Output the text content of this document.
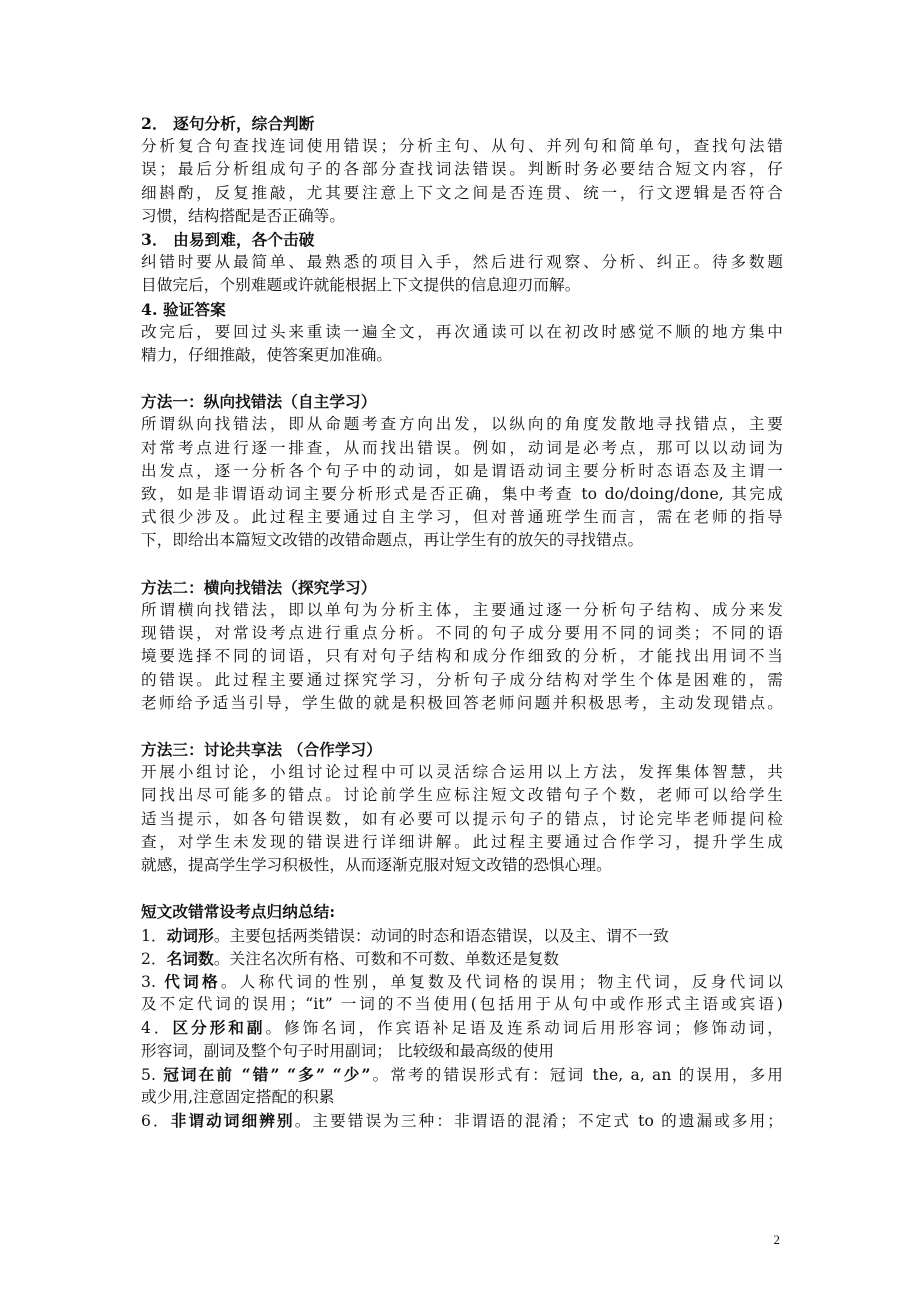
2． 逐句分析，综合判断
分析复合句查找连词使用错误；分析主句、从句、并列句和简单句，查找句法错
误；最后分析组成句子的各部分查找词法错误。判断时务必要结合短文内容，仔
细斟酌，反复推敲，尤其要注意上下文之间是否连贯、统一，行文逻辑是否符合
习惯，结构搭配是否正确等。
3． 由易到难，各个击破
纠错时要从最简单、最熟悉的项目入手，然后进行观察、分析、纠正。待多数题
目做完后，个别难题或许就能根据上下文提供的信息迎刃而解。
4. 验证答案
改完后，要回过头来重读一遍全文，再次通读可以在初改时感觉不顺的地方集中
精力，仔细推敲，使答案更加准确。
方法一：纵向找错法（自主学习）
所谓纵向找错法，即从命题考查方向出发，以纵向的角度发散地寻找错点，主要
对常考点进行逐一排查，从而找出错误。例如，动词是必考点，那可以以动词为
出发点，逐一分析各个句子中的动词，如是谓语动词主要分析时态语态及主谓一
致，如是非谓语动词主要分析形式是否正确，集中考查 to do/doing/done, 其完成
式很少涉及。此过程主要通过自主学习，但对普通班学生而言，需在老师的指导
下，即给出本篇短文改错的改错命题点，再让学生有的放矢的寻找错点。
方法二：横向找错法（探究学习）
所谓横向找错法，即以单句为分析主体，主要通过逐一分析句子结构、成分来发
现错误，对常设考点进行重点分析。不同的句子成分要用不同的词类；不同的语
境要选择不同的词语，只有对句子结构和成分作细致的分析，才能找出用词不当
的错误。此过程主要通过探究学习，分析句子成分结构对学生个体是困难的，需
老师给予适当引导，学生做的就是积极回答老师问题并积极思考，主动发现错点。
方法三：讨论共享法 （合作学习）
开展小组讨论，小组讨论过程中可以灵活综合运用以上方法，发挥集体智慧，共
同找出尽可能多的错点。讨论前学生应标注短文改错句子个数，老师可以给学生
适当提示，如各句错误数，如有必要可以提示句子的错点，讨论完毕老师提问检
查，对学生未发现的错误进行详细讲解。此过程主要通过合作学习，提升学生成
就感，提高学生学习积极性，从而逐渐克服对短文改错的恐惧心理。
短文改错常设考点归纳总结:
1．动词形。主要包括两类错误：动词的时态和语态错误，以及主、谓不一致
2．名词数。关注名次所有格、可数和不可数、单数还是复数
3. 代词格。人称代词的性别，单复数及代词格的误用；物主代词，反身代词以
及不定代词的误用；“it” 一词的不当使用(包括用于从句中或作形式主语或宾语)
4．区分形和副。修饰名词，作宾语补足语及连系动词后用形容词；修饰动词，
形容词，副词及整个句子时用副词； 比较级和最高级的使用
5. 冠词在前 “错” “多” “少”。常考的错误形式有：冠词 the, a, an 的误用，多用
或少用,注意固定搭配的积累
6．非谓动词细辨别。主要错误为三种：非谓语的混淆；不定式 to 的遗漏或多用；
2
